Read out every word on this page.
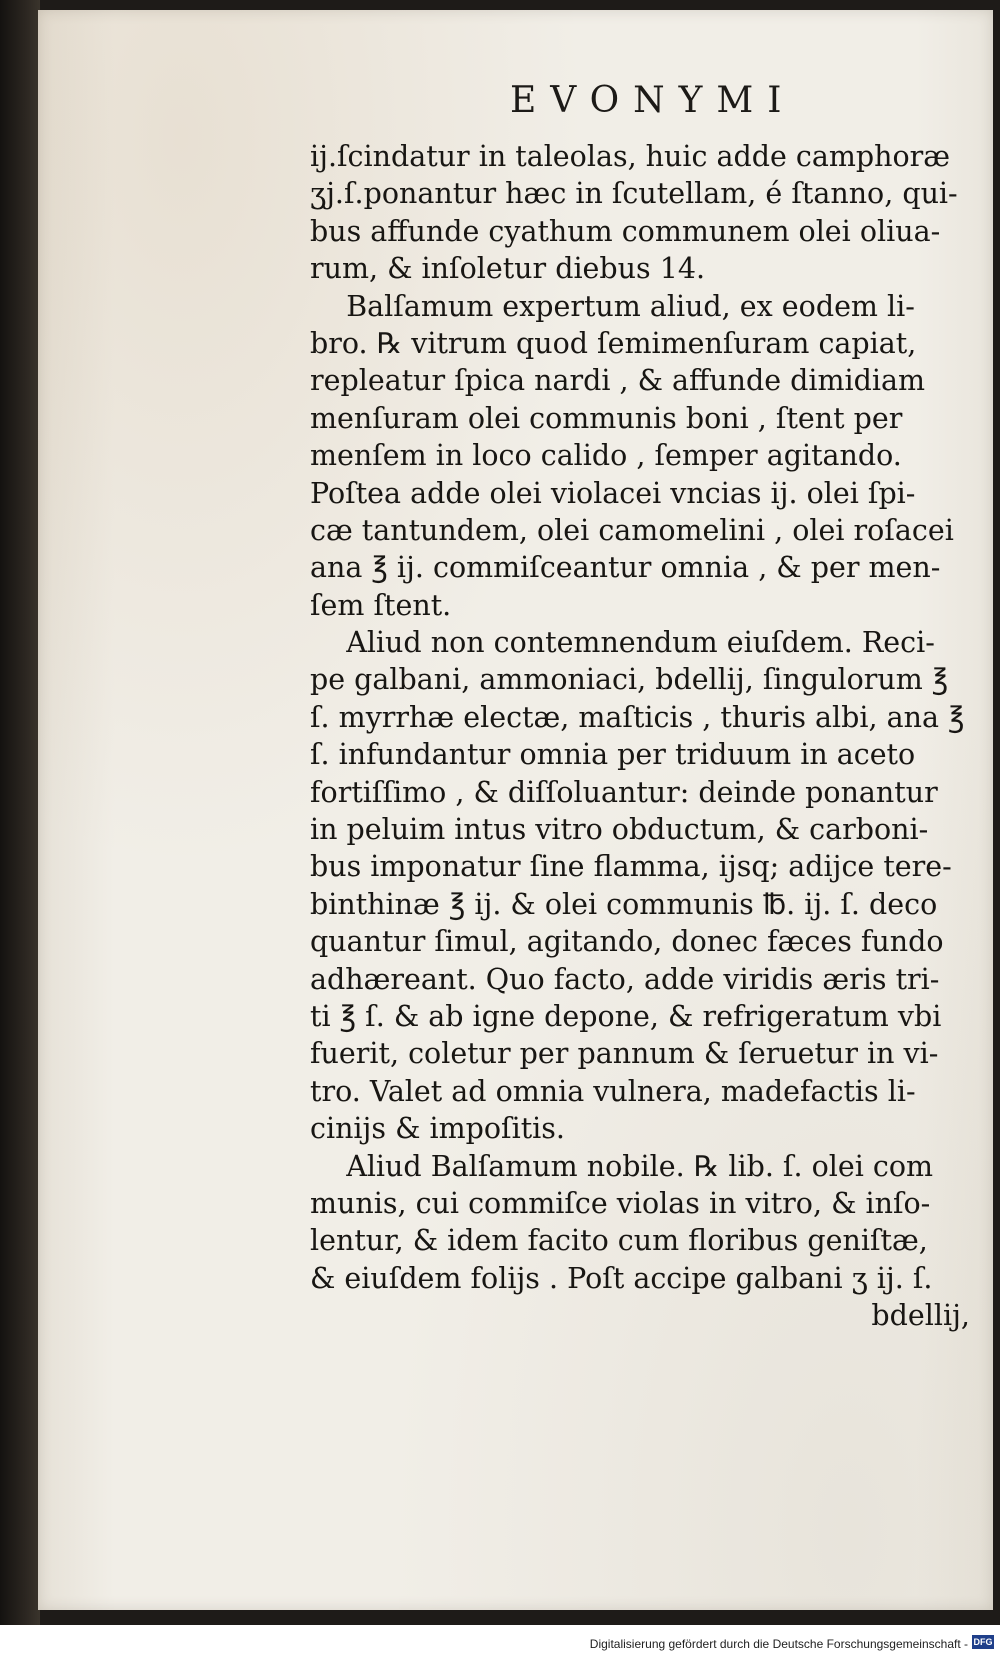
EVONYMI
ij.ſcindatur in taleolas, huic adde camphoræ
ʒj.ſ.ponantur hæc in ſcutellam, é ſtanno, qui-
bus affunde cyathum communem olei oliua-
rum, & inſoletur diebus 14.
Balſamum expertum aliud, ex eodem li-
bro. ℞ vitrum quod ſemimenſuram capiat,
repleatur ſpica nardi , & affunde dimidiam
menſuram olei communis boni , ſtent per
menſem in loco calido , ſemper agitando.
Poſtea adde olei violacei vncias ij. olei ſpi-
cæ tantundem, olei camomelini , olei roſacei
ana ℥ ij. commiſceantur omnia , & per men-
ſem ſtent.
Aliud non contemnendum eiuſdem. Reci-
pe galbani, ammoniaci, bdellij, ſingulorum ℥
ſ. myrrhæ electæ, maſticis , thuris albi, ana ℥
ſ. infundantur omnia per triduum in aceto
fortiſſimo , & diſſoluantur: deinde ponantur
in peluim intus vitro obductum, & carboni-
bus imponatur ſine flamma, ijsq; adijce tere-
binthinæ ℥ ij. & olei communis ℔. ij. ſ. deco
quantur ſimul, agitando, donec fæces fundo
adhæreant. Quo facto, adde viridis æris tri-
ti ℥ ſ. & ab igne depone, & refrigeratum vbi
fuerit, coletur per pannum & ſeruetur in vi-
tro. Valet ad omnia vulnera, madefactis li-
cinijs & impoſitis.
Aliud Balſamum nobile. ℞ lib. ſ. olei com
munis, cui commiſce violas in vitro, & inſo-
lentur, & idem facito cum floribus geniſtæ,
& eiuſdem folijs . Poſt accipe galbani ʒ ij. ſ.
bdellij,
Digitalisierung gefördert durch die Deutsche Forschungsgemeinschaft - DFG
